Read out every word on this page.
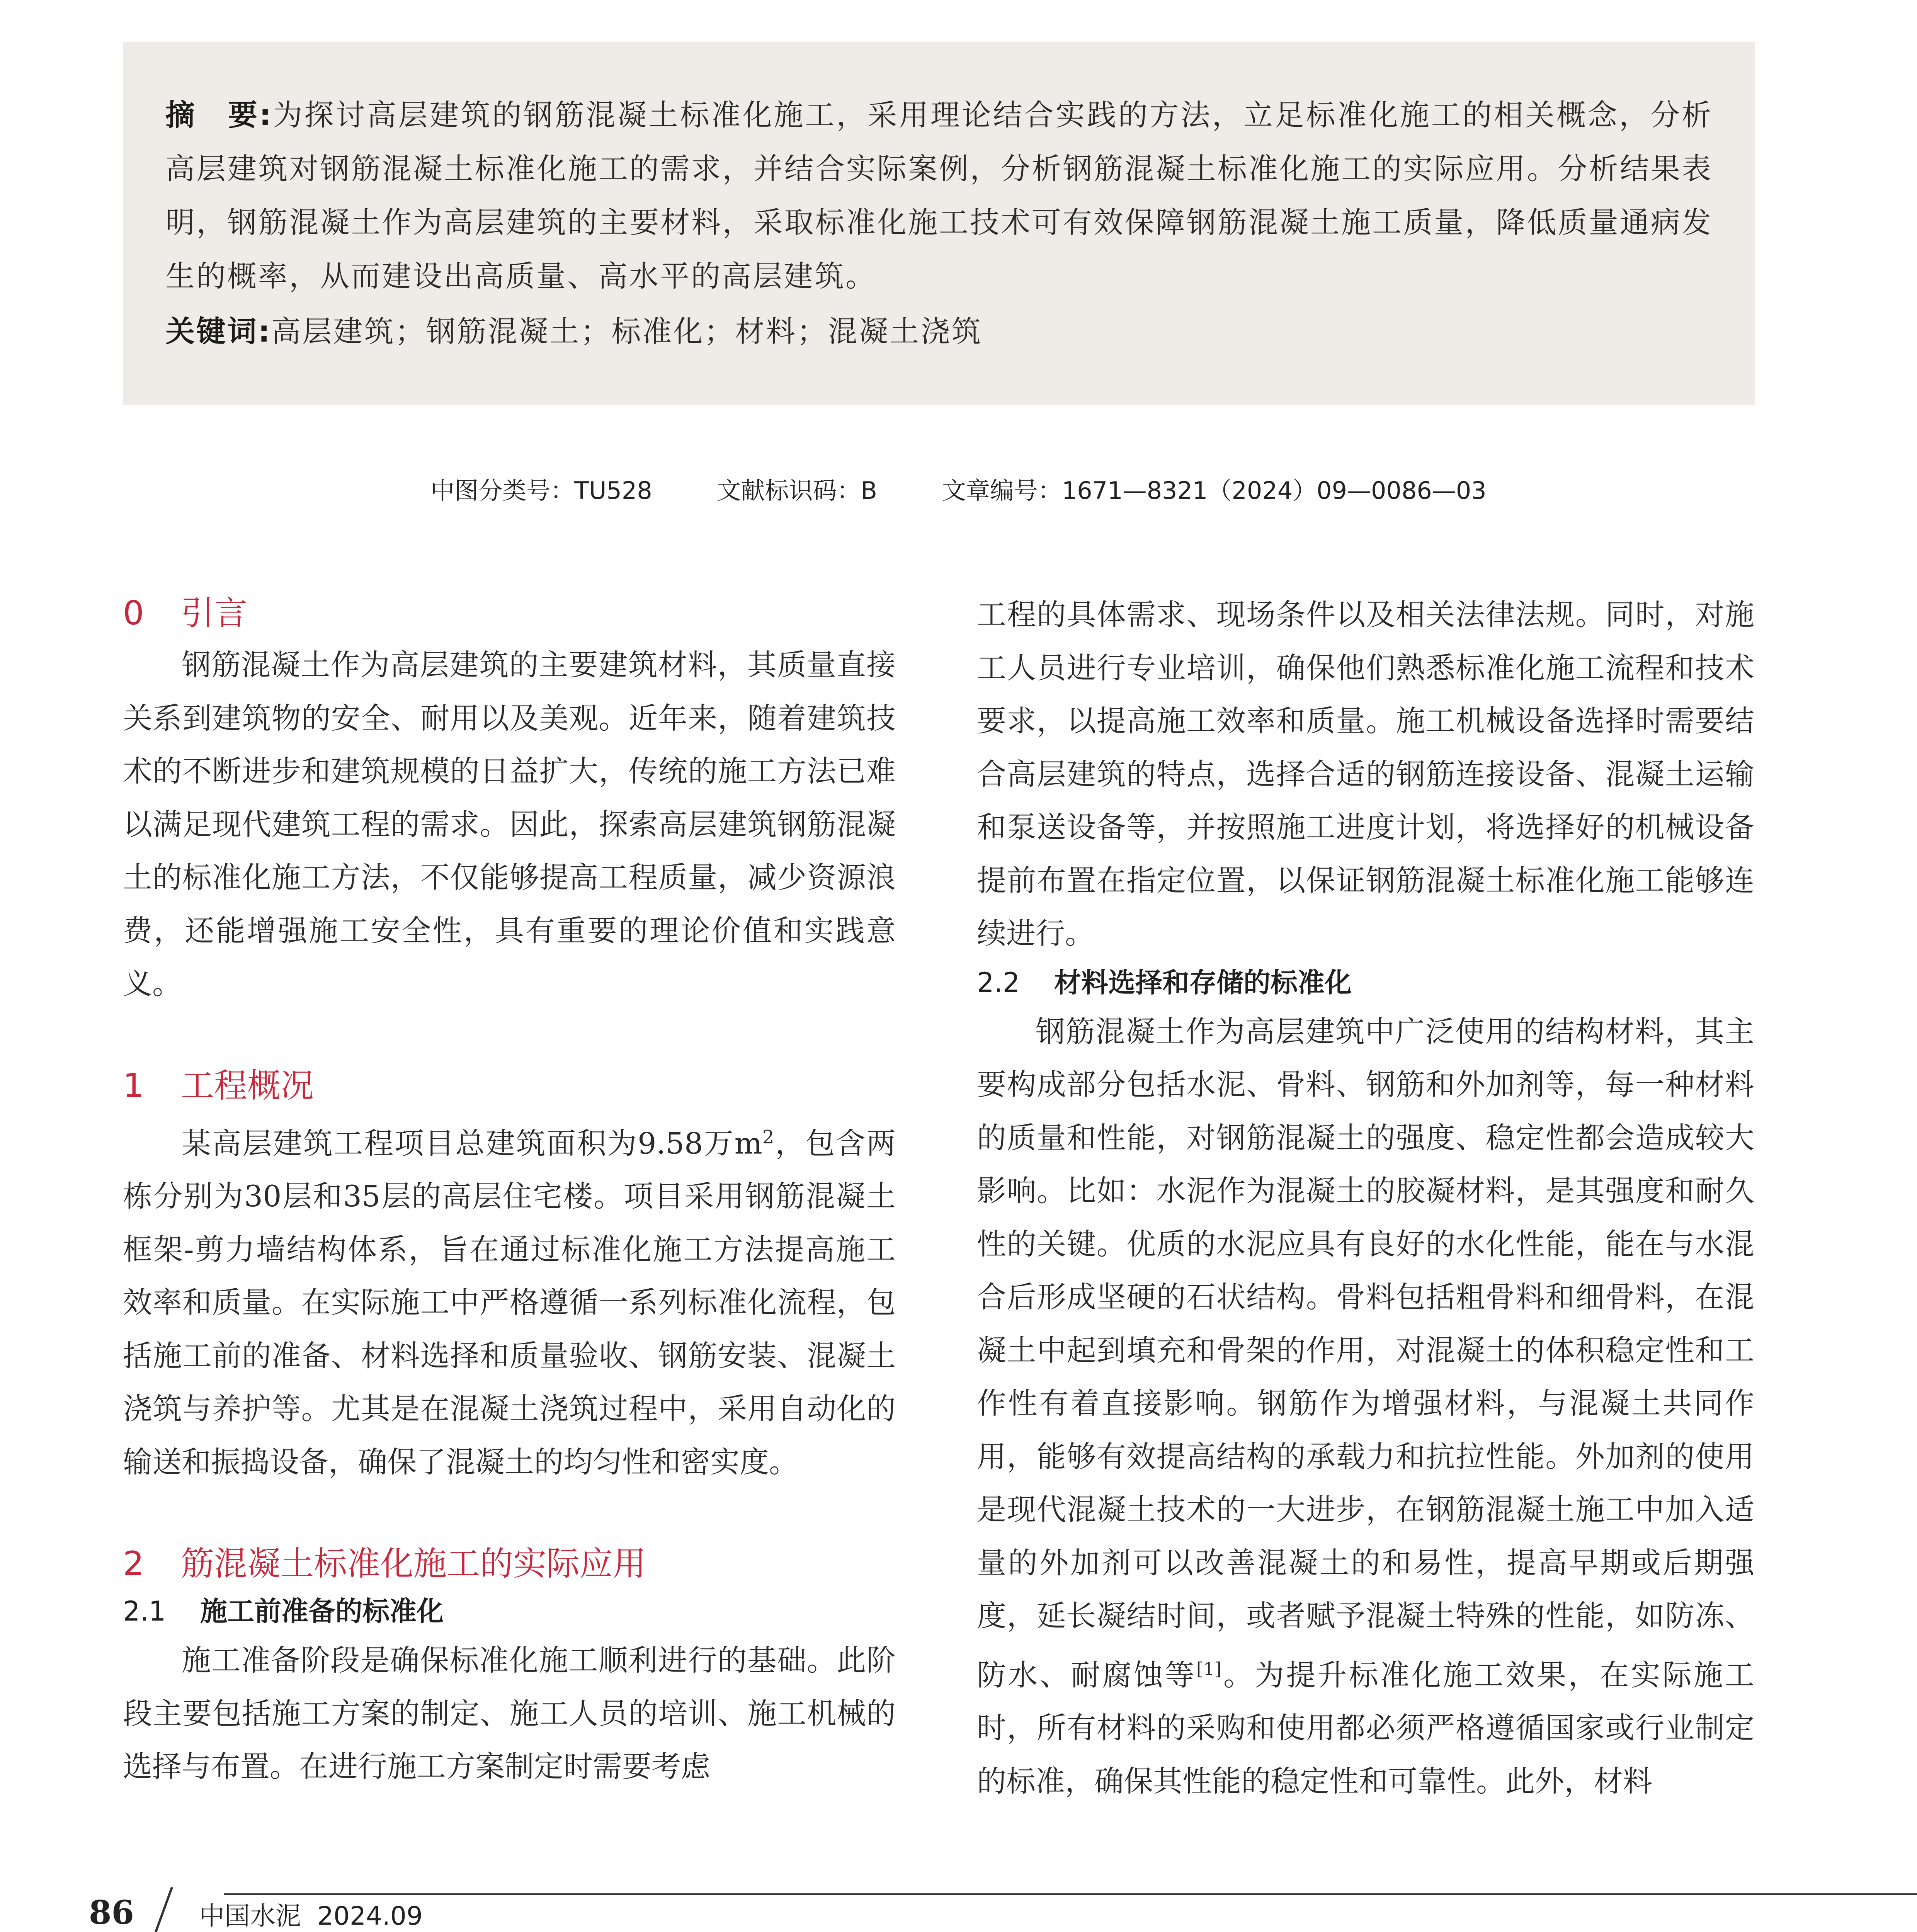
摘　要:为探讨高层建筑的钢筋混凝土标准化施工，采用理论结合实践的方法，立足标准化施工的相关概念，分析高层建筑对钢筋混凝土标准化施工的需求，并结合实际案例，分析钢筋混凝土标准化施工的实际应用。分析结果表明，钢筋混凝土作为高层建筑的主要材料，采取标准化施工技术可有效保障钢筋混凝土施工质量，降低质量通病发生的概率，从而建设出高质量、高水平的高层建筑。

关键词:高层建筑；钢筋混凝土；标准化；材料；混凝土浇筑

中图分类号：TU528	文献标识码：B	文章编号：1671—8321（2024）09—0086—03
0 引言

钢筋混凝土作为高层建筑的主要建筑材料，其质量直接关系到建筑物的安全、耐用以及美观。近年来，随着建筑技术的不断进步和建筑规模的日益扩大，传统的施工方法已难以满足现代建筑工程的需求。因此，探索高层建筑钢筋混凝土的标准化施工方法，不仅能够提高工程质量，减少资源浪费，还能增强施工安全性，具有重要的理论价值和实践意义。

1 工程概况

某高层建筑工程项目总建筑面积为9.58万$m^2$，包含两栋分别为30层和35层的高层住宅楼。项目采用钢筋混凝土框架-剪力墙结构体系，旨在通过标准化施工方法提高施工效率和质量。在实际施工中严格遵循一系列标准化流程，包括施工前的准备、材料选择和质量验收、钢筋安装、混凝土浇筑与养护等。尤其是在混凝土浇筑过程中，采用自动化的输送和振捣设备，确保了混凝土的均匀性和密实度。

2 筋混凝土标准化施工的实际应用
2.1 施工前准备的标准化

施工准备阶段是确保标准化施工顺利进行的基础。此阶段主要包括施工方案的制定、施工人员的培训、施工机械的选择与布置。在进行施工方案制定时需要考虑

工程的具体需求、现场条件以及相关法律法规。同时，对施工人员进行专业培训，确保他们熟悉标准化施工流程和技术要求，以提高施工效率和质量。施工机械设备选择时需要结合高层建筑的特点，选择合适的钢筋连接设备、混凝土运输和泵送设备等，并按照施工进度计划，将选择好的机械设备提前布置在指定位置，以保证钢筋混凝土标准化施工能够连续进行。

2.2 材料选择和存储的标准化

钢筋混凝土作为高层建筑中广泛使用的结构材料，其主要构成部分包括水泥、骨料、钢筋和外加剂等，每一种材料的质量和性能，对钢筋混凝土的强度、稳定性都会造成较大影响。比如：水泥作为混凝土的胶凝材料，是其强度和耐久性的关键。优质的水泥应具有良好的水化性能，能在与水混合后形成坚硬的石状结构。骨料包括粗骨料和细骨料，在混凝土中起到填充和骨架的作用，对混凝土的体积稳定性和工作性有着直接影响。钢筋作为增强材料，与混凝土共同作用，能够有效提高结构的承载力和抗拉性能。外加剂的使用是现代混凝土技术的一大进步，在钢筋混凝土施工中加入适量的外加剂可以改善混凝土的和易性，提高早期或后期强度，延长凝结时间，或者赋予混凝土特殊的性能，如防冻、防水、耐腐蚀等[1]。为提升标准化施工效果，在实际施工时，所有材料的采购和使用都必须严格遵循国家或行业制定的标准，确保其性能的稳定性和可靠性。此外，材料

86	中国水泥 2024.09
